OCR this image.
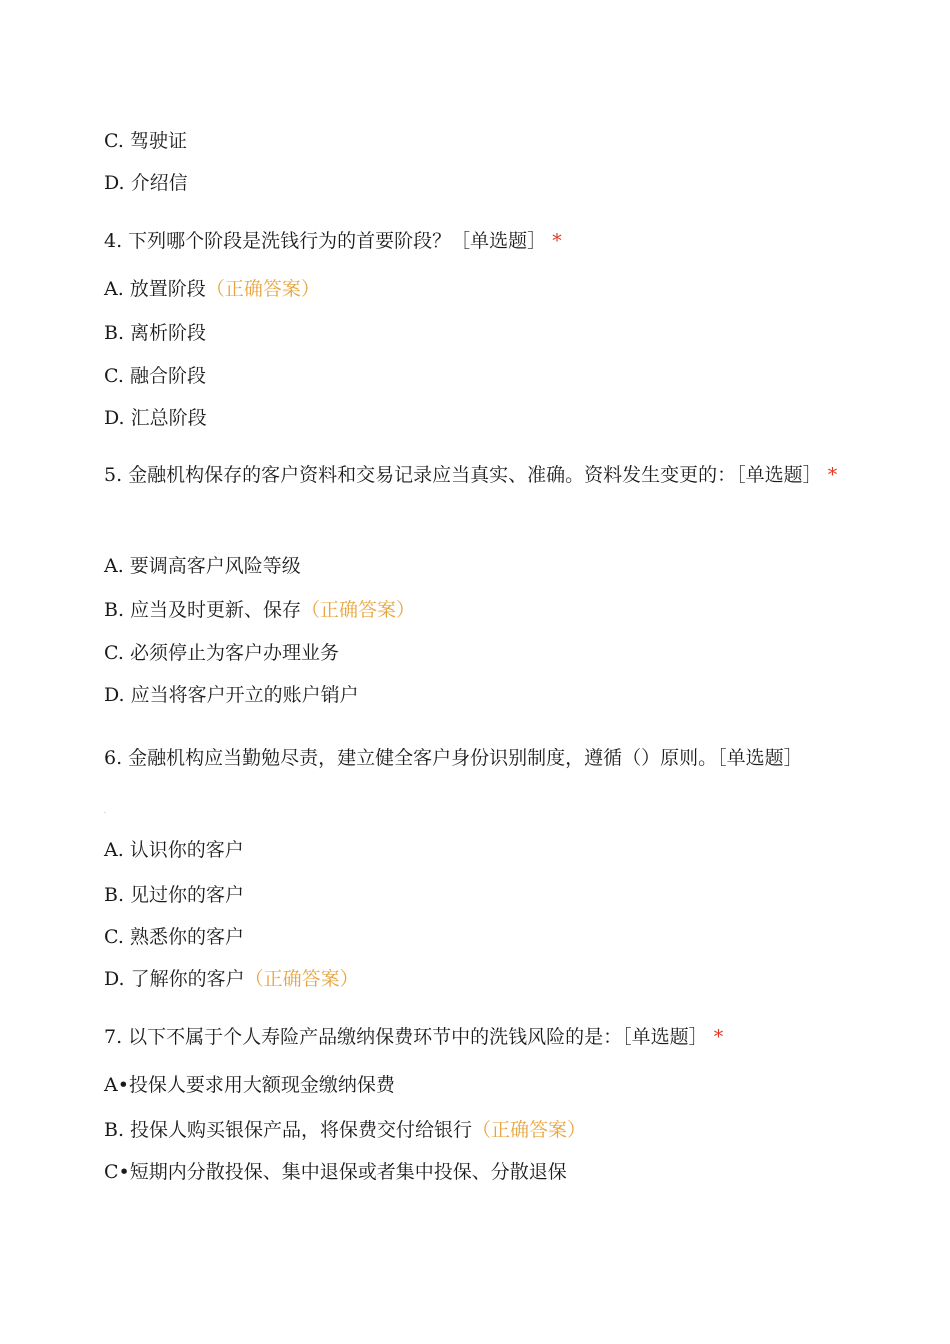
C. 驾驶证
D. 介绍信
4. 下列哪个阶段是洗钱行为的首要阶段？［单选题］ *
A. 放置阶段（正确答案）
B. 离析阶段
C. 融合阶段
D. 汇总阶段
5. 金融机构保存的客户资料和交易记录应当真实、准确。资料发生变更的：［单选题］ *
A. 要调高客户风险等级
B. 应当及时更新、保存（正确答案）
C. 必须停止为客户办理业务
D. 应当将客户开立的账户销户
6. 金融机构应当勤勉尽责，建立健全客户身份识别制度，遵循（）原则。［单选题］
·
A. 认识你的客户
B. 见过你的客户
C. 熟悉你的客户
D. 了解你的客户（正确答案）
7. 以下不属于个人寿险产品缴纳保费环节中的洗钱风险的是：［单选题］ *
A•投保人要求用大额现金缴纳保费
B. 投保人购买银保产品，将保费交付给银行（正确答案）
C•短期内分散投保、集中退保或者集中投保、分散退保
